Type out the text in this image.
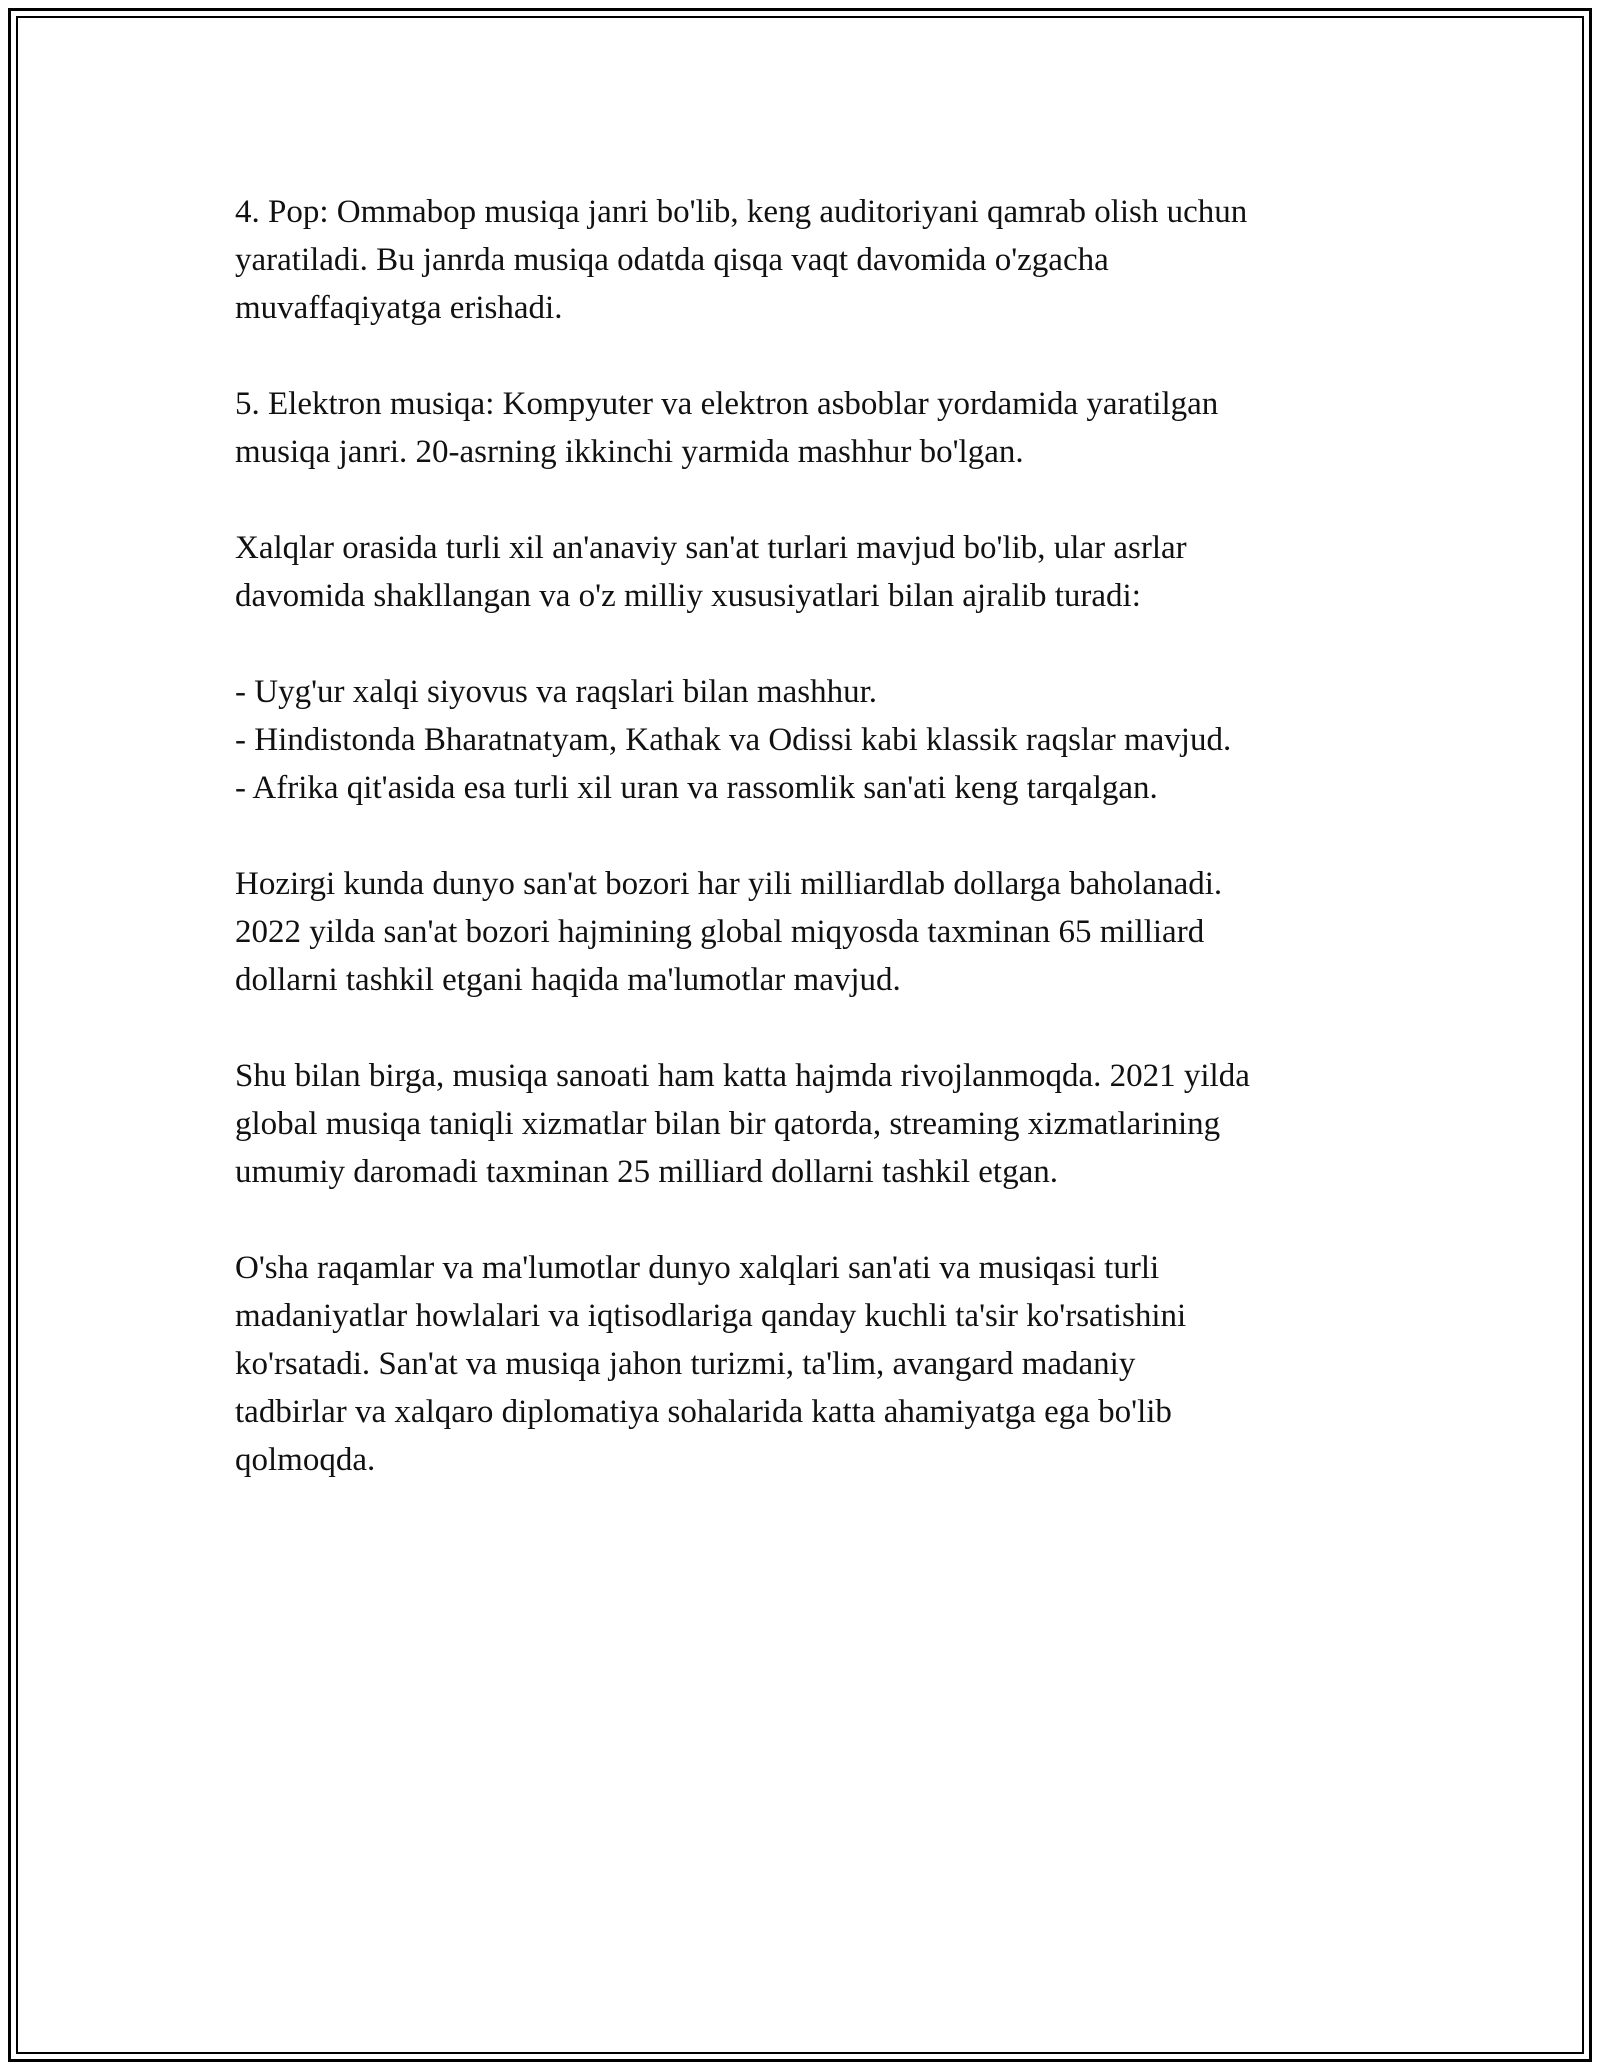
4. Pop: Ommabop musiqa janri bo'lib, keng auditoriyani qamrab olish uchun
yaratiladi. Bu janrda musiqa odatda qisqa vaqt davomida o'zgacha
muvaffaqiyatga erishadi.

5. Elektron musiqa: Kompyuter va elektron asboblar yordamida yaratilgan
musiqa janri. 20-asrning ikkinchi yarmida mashhur bo'lgan.

Xalqlar orasida turli xil an'anaviy san'at turlari mavjud bo'lib, ular asrlar
davomida shakllangan va o'z milliy xususiyatlari bilan ajralib turadi:

- Uyg'ur xalqi siyovus va raqslari bilan mashhur.
- Hindistonda Bharatnatyam, Kathak va Odissi kabi klassik raqslar mavjud.
- Afrika qit'asida esa turli xil uran va rassomlik san'ati keng tarqalgan.

Hozirgi kunda dunyo san'at bozori har yili milliardlab dollarga baholanadi.
2022 yilda san'at bozori hajmining global miqyosda taxminan 65 milliard
dollarni tashkil etgani haqida ma'lumotlar mavjud.

Shu bilan birga, musiqa sanoati ham katta hajmda rivojlanmoqda. 2021 yilda
global musiqa taniqli xizmatlar bilan bir qatorda, streaming xizmatlarining
umumiy daromadi taxminan 25 milliard dollarni tashkil etgan.

O'sha raqamlar va ma'lumotlar dunyo xalqlari san'ati va musiqasi turli
madaniyatlar howlalari va iqtisodlariga qanday kuchli ta'sir ko'rsatishini
ko'rsatadi. San'at va musiqa jahon turizmi, ta'lim, avangard madaniy
tadbirlar va xalqaro diplomatiya sohalarida katta ahamiyatga ega bo'lib
qolmoqda.
